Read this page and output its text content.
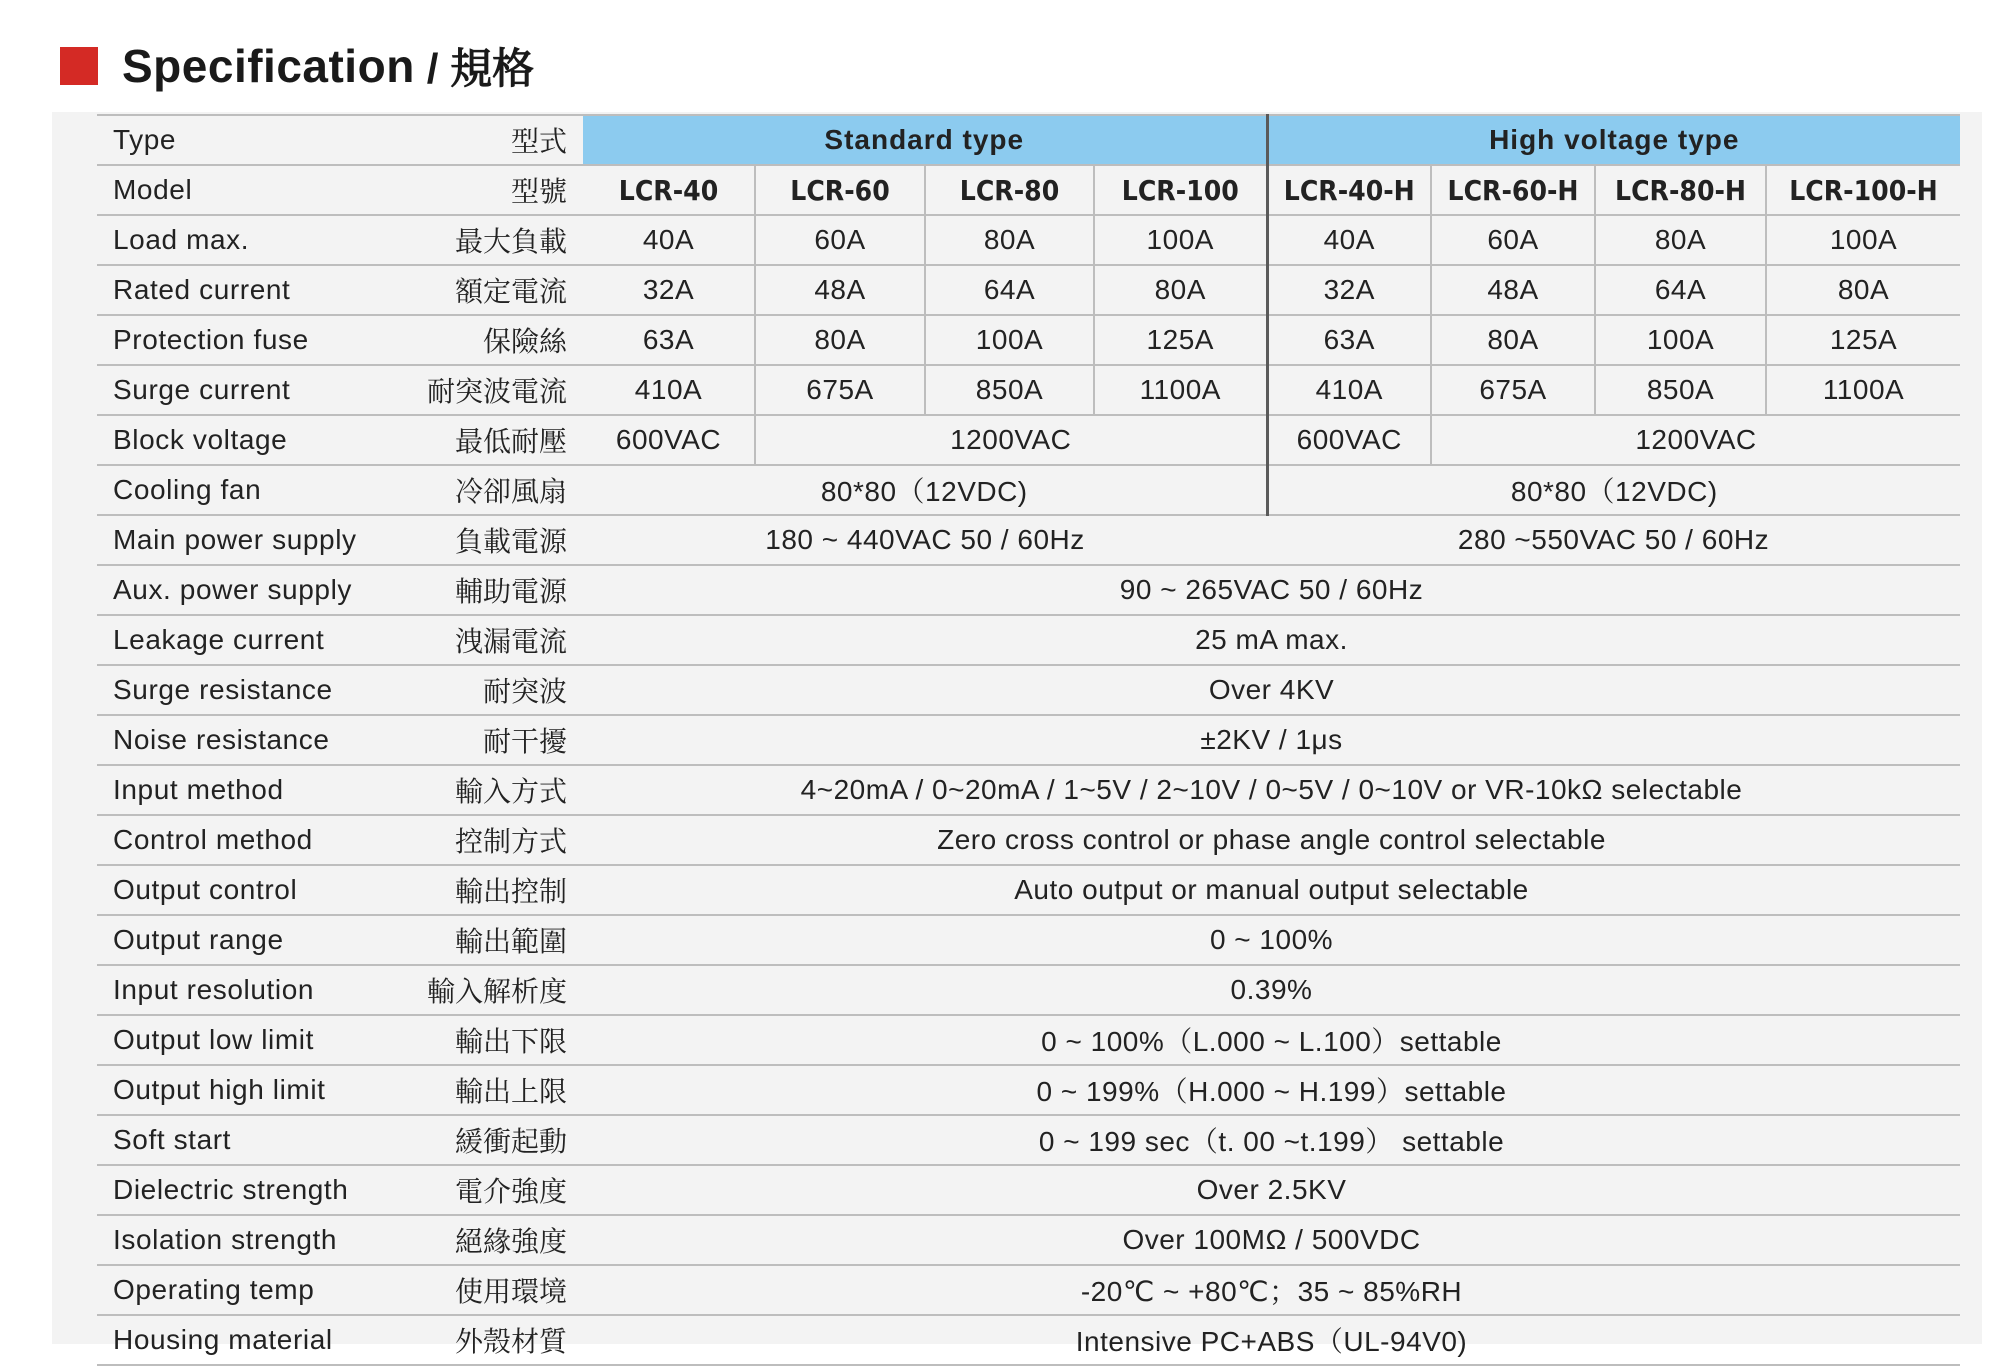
Specification / 規格
Type	型式	Standard type				High voltage type			
Model	型號	LCR-40	LCR-60	LCR-80	LCR-100	LCR-40-H	LCR-60-H	LCR-80-H	LCR-100-H
Load max.	最大負載	40A	60A	80A	100A	40A	60A	80A	100A
Rated current	額定電流	32A	48A	64A	80A	32A	48A	64A	80A
Protection fuse	保險絲	63A	80A	100A	125A	63A	80A	100A	125A
Surge current	耐突波電流	410A	675A	850A	1100A	410A	675A	850A	1100A
Block voltage	最低耐壓	600VAC	1200VAC			600VAC	1200VAC		
Cooling fan	冷卻風扇	80*80（12VDC)				80*80（12VDC)			
Main power supply	負載電源	180 ~ 440VAC 50 / 60Hz				280 ~550VAC 50 / 60Hz			
Aux. power supply	輔助電源	90 ~ 265VAC 50 / 60Hz							
Leakage current	洩漏電流	25 mA max.							
Surge resistance	耐突波	Over 4KV							
Noise resistance	耐干擾	±2KV / 1μs							
Input method	輸入方式	4~20mA / 0~20mA / 1~5V / 2~10V / 0~5V / 0~10V or VR-10kΩ selectable							
Control method	控制方式	Zero cross control or phase angle control selectable							
Output control	輸出控制	Auto output or manual output selectable							
Output range	輸出範圍	0 ~ 100%							
Input resolution	輸入解析度	0.39%							
Output low limit	輸出下限	0 ~ 100%（L.000 ~ L.100）settable							
Output high limit	輸出上限	0 ~ 199%（H.000 ~ H.199）settable							
Soft start	緩衝起動	0 ~ 199 sec（t. 00 ~t.199） settable							
Dielectric strength	電介強度	Over 2.5KV							
Isolation strength	絕緣強度	Over 100MΩ / 500VDC							
Operating temp	使用環境	-20℃ ~ +80℃；35 ~ 85%RH							
Housing material	外殼材質	Intensive PC+ABS（UL-94V0)							
